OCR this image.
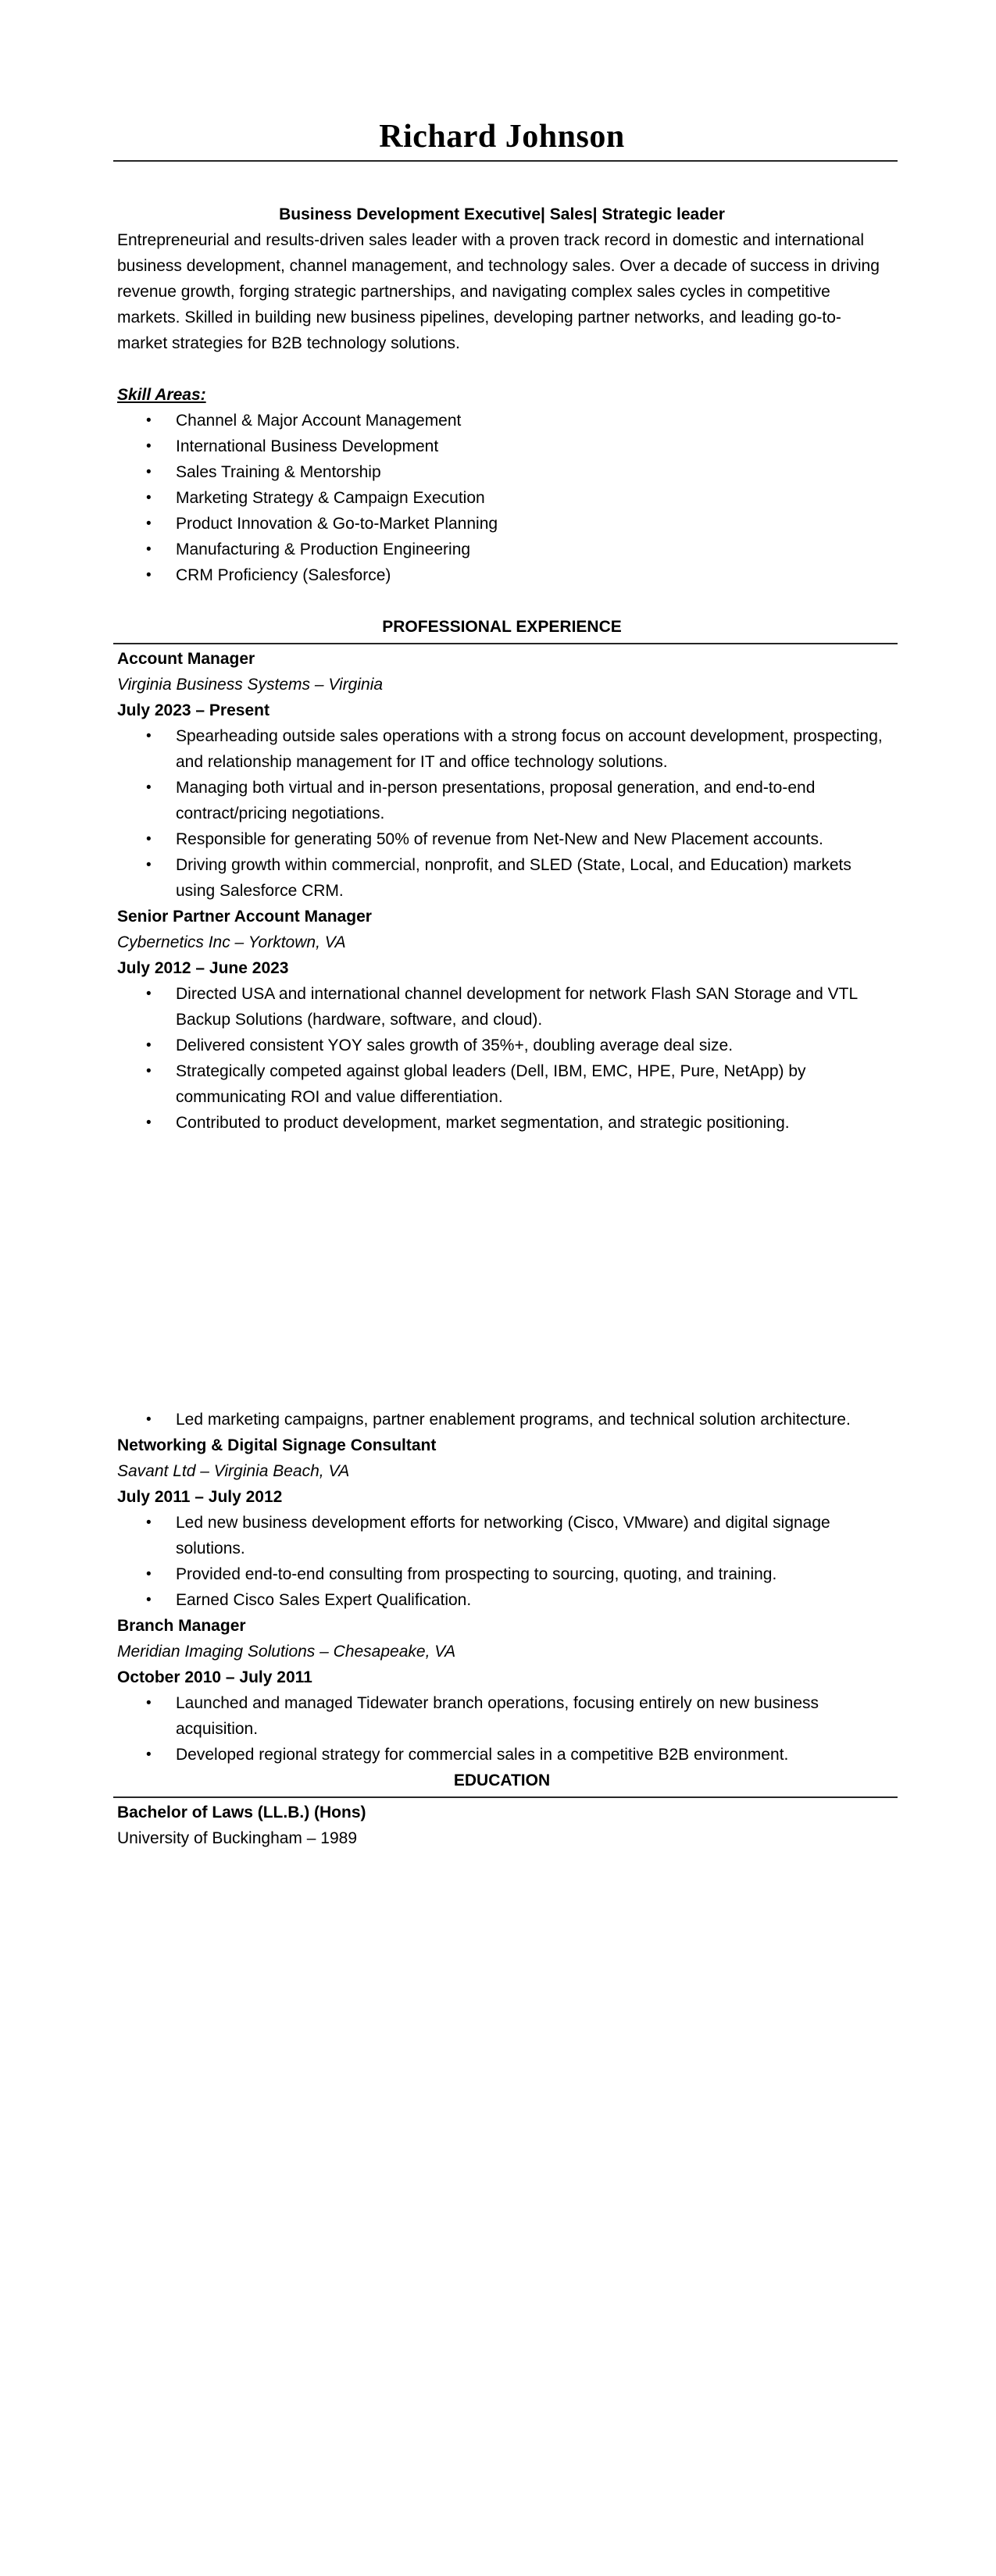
Richard Johnson

Business Development Executive| Sales| Strategic leader

Entrepreneurial and results-driven sales leader with a proven track record in domestic and international business development, channel management, and technology sales. Over a decade of success in driving revenue growth, forging strategic partnerships, and navigating complex sales cycles in competitive markets. Skilled in building new business pipelines, developing partner networks, and leading go-to-market strategies for B2B technology solutions.

Skill Areas:

• Channel & Major Account Management
• International Business Development
• Sales Training & Mentorship
• Marketing Strategy & Campaign Execution
• Product Innovation & Go-to-Market Planning
• Manufacturing & Production Engineering
• CRM Proficiency (Salesforce)
PROFESSIONAL EXPERIENCE

Account Manager

Virginia Business Systems – Virginia

July 2023 – Present

• Spearheading outside sales operations with a strong focus on account development, prospecting, and relationship management for IT and office technology solutions.
• Managing both virtual and in-person presentations, proposal generation, and end-to-end contract/pricing negotiations.
• Responsible for generating 50% of revenue from Net-New and New Placement accounts.
• Driving growth within commercial, nonprofit, and SLED (State, Local, and Education) markets using Salesforce CRM.

Senior Partner Account Manager

Cybernetics Inc – Yorktown, VA

July 2012 – June 2023

• Directed USA and international channel development for network Flash SAN Storage and VTL Backup Solutions (hardware, software, and cloud).
• Delivered consistent YOY sales growth of 35%+, doubling average deal size.
• Strategically competed against global leaders (Dell, IBM, EMC, HPE, Pure, NetApp) by communicating ROI and value differentiation.
• Contributed to product development, market segmentation, and strategic positioning.
• Led marketing campaigns, partner enablement programs, and technical solution architecture.

Networking & Digital Signage Consultant

Savant Ltd – Virginia Beach, VA

July 2011 – July 2012

• Led new business development efforts for networking (Cisco, VMware) and digital signage solutions.
• Provided end-to-end consulting from prospecting to sourcing, quoting, and training.
• Earned Cisco Sales Expert Qualification.

Branch Manager

Meridian Imaging Solutions – Chesapeake, VA

October 2010 – July 2011

• Launched and managed Tidewater branch operations, focusing entirely on new business acquisition.
• Developed regional strategy for commercial sales in a competitive B2B environment.
EDUCATION

Bachelor of Laws (LL.B.) (Hons)

University of Buckingham – 1989
